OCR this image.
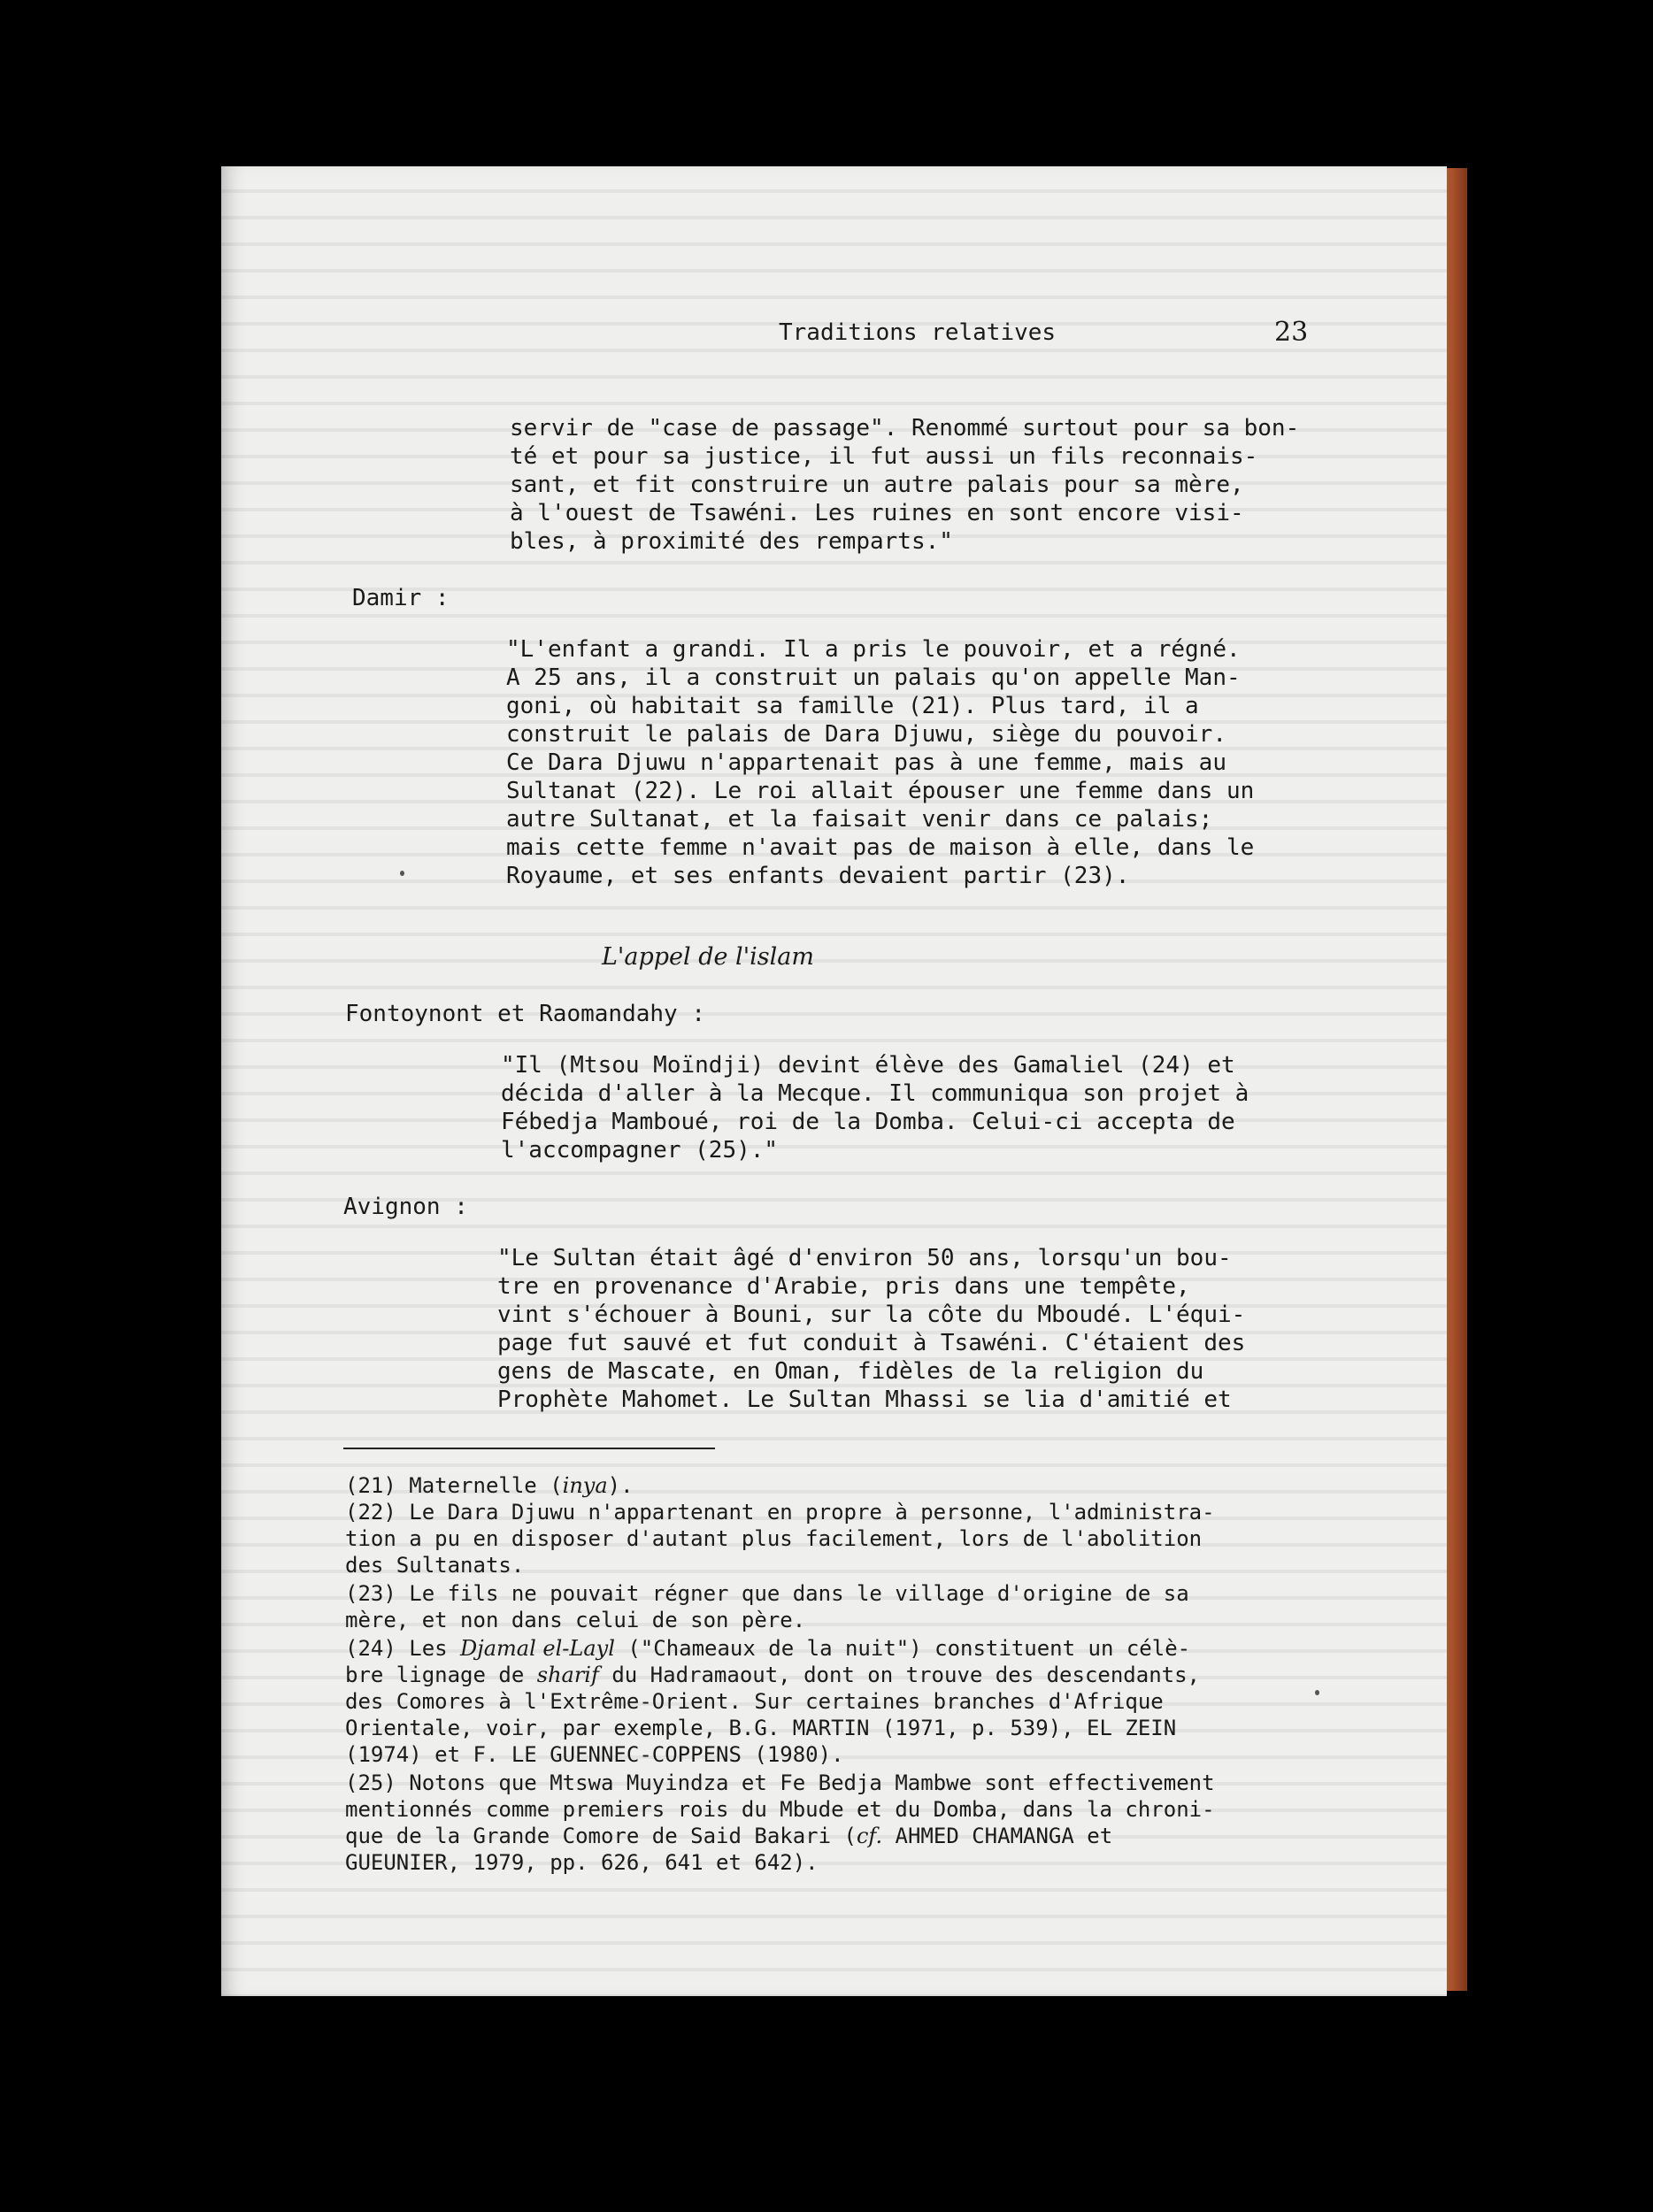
Traditions relatives	23
servir de "case de passage". Renommé surtout pour sa bon-
té et pour sa justice, il fut aussi un fils reconnais-
sant, et fit construire un autre palais pour sa mère,
à l'ouest de Tsawéni. Les ruines en sont encore visi-
bles, à proximité des remparts."
Damir :
"L'enfant a grandi. Il a pris le pouvoir, et a régné.
A 25 ans, il a construit un palais qu'on appelle Man-
goni, où habitait sa famille (21). Plus tard, il a
construit le palais de Dara Djuwu, siège du pouvoir.
Ce Dara Djuwu n'appartenait pas à une femme, mais au
Sultanat (22). Le roi allait épouser une femme dans un
autre Sultanat, et la faisait venir dans ce palais;
mais cette femme n'avait pas de maison à elle, dans le
Royaume, et ses enfants devaient partir (23).
L'appel de l'islam
Fontoynont et Raomandahy :
"Il (Mtsou Moïndji) devint élève des Gamaliel (24) et
décida d'aller à la Mecque. Il communiqua son projet à
Fébedja Mamboué, roi de la Domba. Celui-ci accepta de
l'accompagner (25)."
Avignon :
"Le Sultan était âgé d'environ 50 ans, lorsqu'un bou-
tre en provenance d'Arabie, pris dans une tempête,
vint s'échouer à Bouni, sur la côte du Mboudé. L'équi-
page fut sauvé et fut conduit à Tsawéni. C'étaient des
gens de Mascate, en Oman, fidèles de la religion du
Prophète Mahomet. Le Sultan Mhassi se lia d'amitié et
(21) Maternelle (inya).
(22) Le Dara Djuwu n'appartenant en propre à personne, l'administra-
tion a pu en disposer d'autant plus facilement, lors de l'abolition
des Sultanats.
(23) Le fils ne pouvait régner que dans le village d'origine de sa
mère, et non dans celui de son père.
(24) Les Djamal el-Layl ("Chameaux de la nuit") constituent un célè-
bre lignage de sharif du Hadramaout, dont on trouve des descendants,
des Comores à l'Extrême-Orient. Sur certaines branches d'Afrique
Orientale, voir, par exemple, B.G. MARTIN (1971, p. 539), EL ZEIN
(1974) et F. LE GUENNEC-COPPENS (1980).
(25) Notons que Mtswa Muyindza et Fe Bedja Mambwe sont effectivement
mentionnés comme premiers rois du Mbude et du Domba, dans la chroni-
que de la Grande Comore de Said Bakari (cf. AHMED CHAMANGA et
GUEUNIER, 1979, pp. 626, 641 et 642).
